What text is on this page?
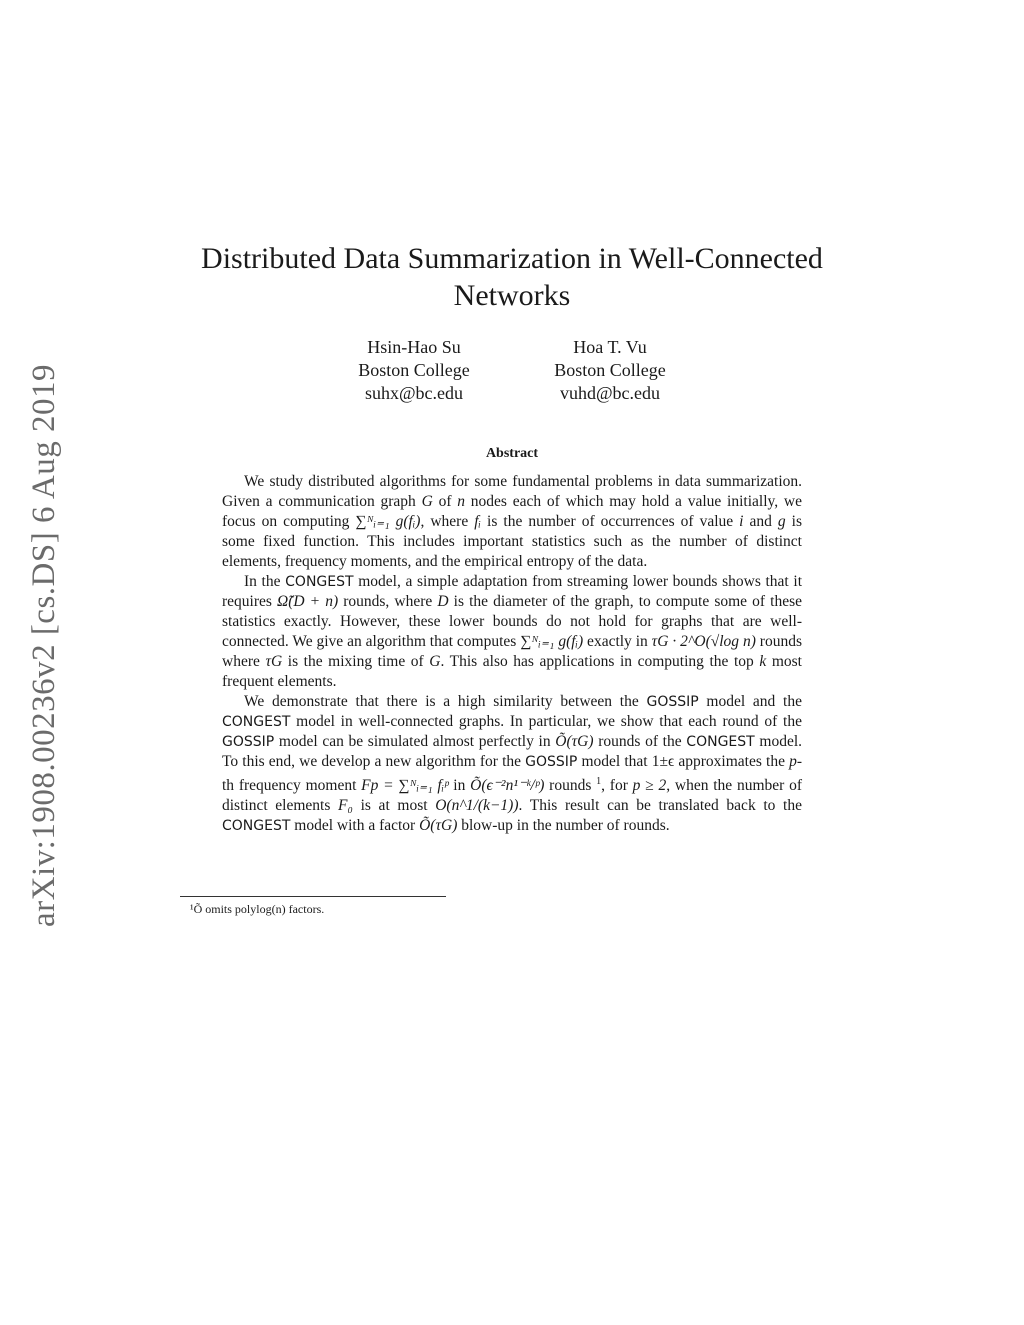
arXiv:1908.00236v2 [cs.DS] 6 Aug 2019
Distributed Data Summarization in Well-Connected
Networks
Hsin-Hao Su
Boston College
suhx@bc.edu
Hoa T. Vu
Boston College
vuhd@bc.edu
Abstract

We study distributed algorithms for some fundamental problems in data summarization. Given a communication graph G of n nodes each of which may hold a value initially, we focus on computing ∑ᴺᵢ₌₁ g(fᵢ), where fᵢ is the number of occurrences of value i and g is some fixed function. This includes important statistics such as the number of distinct elements, frequency moments, and the empirical entropy of the data.

In the CONGEST model, a simple adaptation from streaming lower bounds shows that it requires Ω̃(D + n) rounds, where D is the diameter of the graph, to compute some of these statistics exactly. However, these lower bounds do not hold for graphs that are well-connected. We give an algorithm that computes ∑ᴺᵢ₌₁ g(fᵢ) exactly in τG · 2^O(√log n) rounds where τG is the mixing time of G. This also has applications in computing the top k most frequent elements.

We demonstrate that there is a high similarity between the GOSSIP model and the CONGEST model in well-connected graphs. In particular, we show that each round of the GOSSIP model can be simulated almost perfectly in Õ(τG) rounds of the CONGEST model. To this end, we develop a new algorithm for the GOSSIP model that 1±ϵ approximates the p-th frequency moment Fp = ∑ᴺᵢ₌₁ fᵢᵖ in Õ(ϵ⁻²n¹⁻ᵏ/ᵖ) rounds $^1$, for p ≥ 2, when the number of distinct elements F₀ is at most O(n^1/(k−1)). This result can be translated back to the CONGEST model with a factor Õ(τG) blow-up in the number of rounds.

¹Õ omits polylog(n) factors.
